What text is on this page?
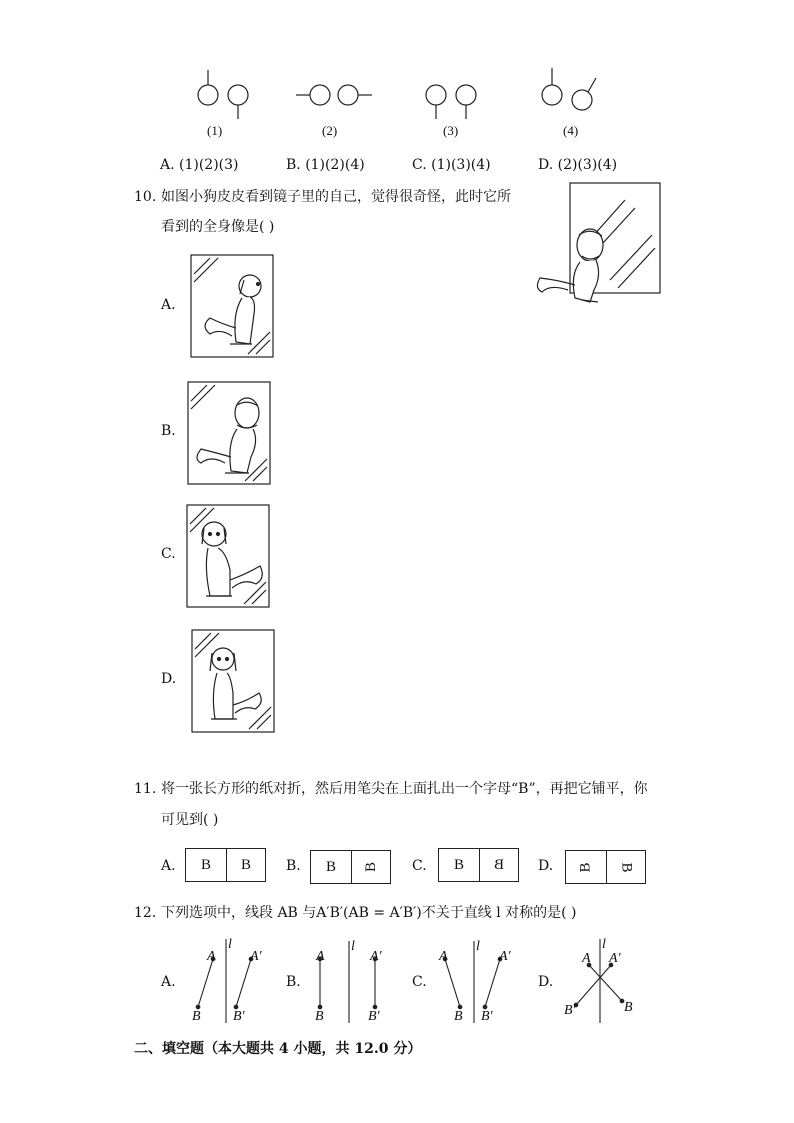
(1)	(2)	(3)	(4)
A. (1)(2)(3)	B. (1)(2)(4)	C. (1)(3)(4)	D. (2)(3)(4)
10. 如图小狗皮皮看到镜子里的自己，觉得很奇怪，此时它所
看到的全身像是( )
A.
B.
C.
D.
11. 将一张长方形的纸对折，然后用笔尖在上面扎出一个字母“B”，再把它铺平，你
可见到( )
A.	B	B	B.	B	B	C.	B	B	D. B B
12. 下列选项中，线段 AB 与A′B′(AB = A′B′)不关于直线 l 对称的是( )
A.	B.	C.	D.
l
A A′
B B′
l
A	A′
B	B′
l
A	A′
B B′
l
A A′
B′	B
二、填空题（本大题共 4 小题，共 12.0 分）
